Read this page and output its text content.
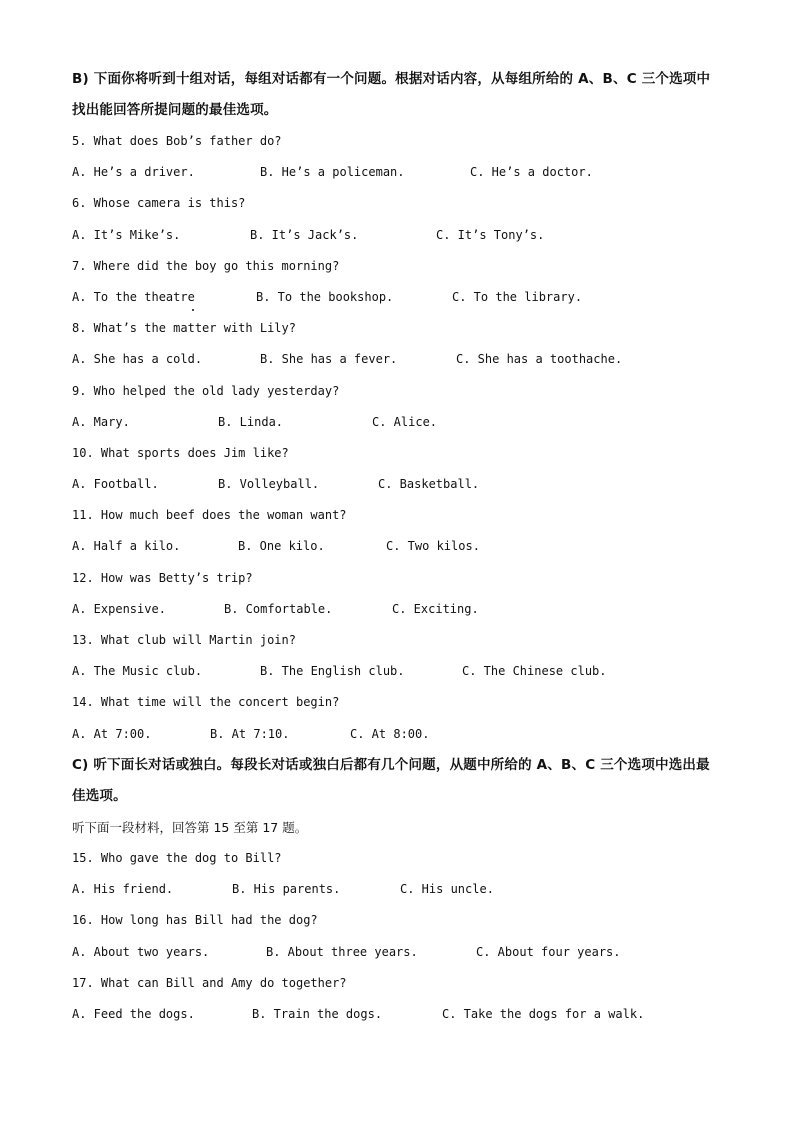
B) 下面你将听到十组对话，每组对话都有一个问题。根据对话内容，从每组所给的 A、B、C 三个选项中
找出能回答所提问题的最佳选项。
5. What does Bob’s father do?
A. He’s a driver.	B. He’s a policeman.	C. He’s a doctor.
6. Whose camera is this?
A. It’s Mike’s.	B. It’s Jack’s.	C. It’s Tony’s.
7. Where did the boy go this morning?
A. To the theatre	B. To the bookshop.	C. To the library.
8. What’s the matter with Lily?
A. She has a cold.	B. She has a fever.	C. She has a toothache.
9. Who helped the old lady yesterday?
A. Mary.	B. Linda.	C. Alice.
10. What sports does Jim like?
A. Football.	B. Volleyball.	C. Basketball.
11. How much beef does the woman want?
A. Half a kilo.	B. One kilo.	C. Two kilos.
12. How was Betty’s trip?
A. Expensive.	B. Comfortable.	C. Exciting.
13. What club will Martin join?
A. The Music club.	B. The English club.	C. The Chinese club.
14. What time will the concert begin?
A. At 7:00.	B. At 7:10.	C. At 8:00.
C) 听下面长对话或独白。每段长对话或独白后都有几个问题，从题中所给的 A、B、C 三个选项中选出最
佳选项。
听下面一段材料，回答第 15 至第 17 题。
15. Who gave the dog to Bill?
A. His friend.	B. His parents.	C. His uncle.
16. How long has Bill had the dog?
A. About two years.	B. About three years.	C. About four years.
17. What can Bill and Amy do together?
A. Feed the dogs.	B. Train the dogs.	C. Take the dogs for a walk.
